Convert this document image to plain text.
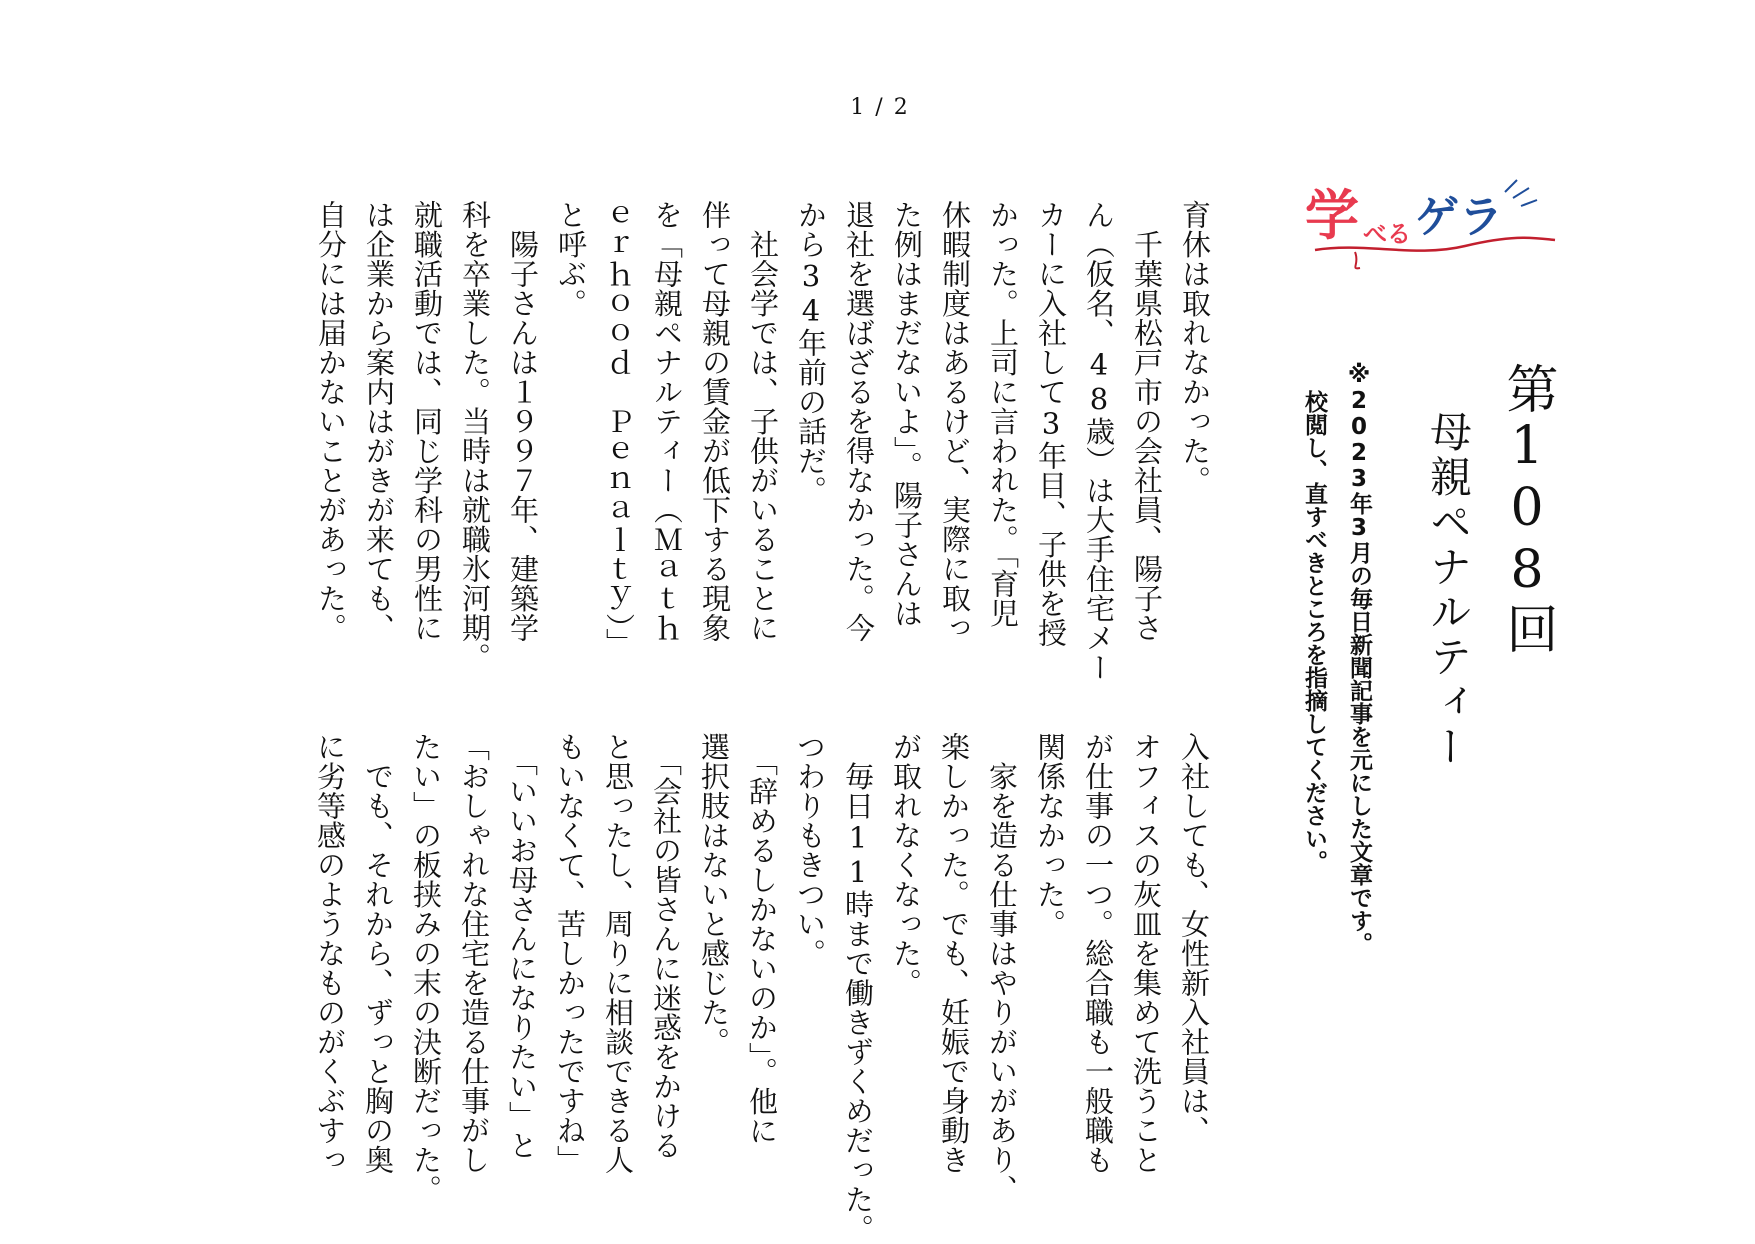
1 / 2
学 べる ゲラ
第108回
母親ペナルティー
※2023年3月の毎日新聞記事を元にした文章です。
校閲し、直すべきところを指摘してください。
入社しても、女性新入社員は、
オフィスの灰皿を集めて洗うこと
が仕事の一つ。総合職も一般職も
関係なかった。
　家を造る仕事はやりがいがあり、
楽しかった。でも、妊娠で身動き
が取れなくなった。
　毎日11時まで働きずくめだった。
つわりもきつい。
　「辞めるしかないのか」。他に
選択肢はないと感じた。
　「会社の皆さんに迷惑をかける
と思ったし、周りに相談できる人
もいなくて、苦しかったですね」
　「いいお母さんになりたい」と
「おしゃれな住宅を造る仕事がし
たい」の板挟みの末の決断だった。
　でも、それから、ずっと胸の奥
に劣等感のようなものがくぶすっ
育休は取れなかった。
　千葉県松戸市の会社員、陽子さ
ん（仮名、48歳）は大手住宅メー
カーに入社して3年目、子供を授
かった。上司に言われた。「育児
休暇制度はあるけど、実際に取っ
た例はまだないよ」。陽子さんは
退社を選ばざるを得なかった。今
から34年前の話だ。
　社会学では、子供がいることに
伴って母親の賃金が低下する現象
を「母親ペナルティー（Ｍａｔｈ
ｅｒｈｏｏｄ　Ｐｅｎａｌｔｙ）」
と呼ぶ。
　陽子さんは１９９７年、建築学
科を卒業した。当時は就職氷河期。
就職活動では、同じ学科の男性に
は企業から案内はがきが来ても、
自分には届かないことがあった。
